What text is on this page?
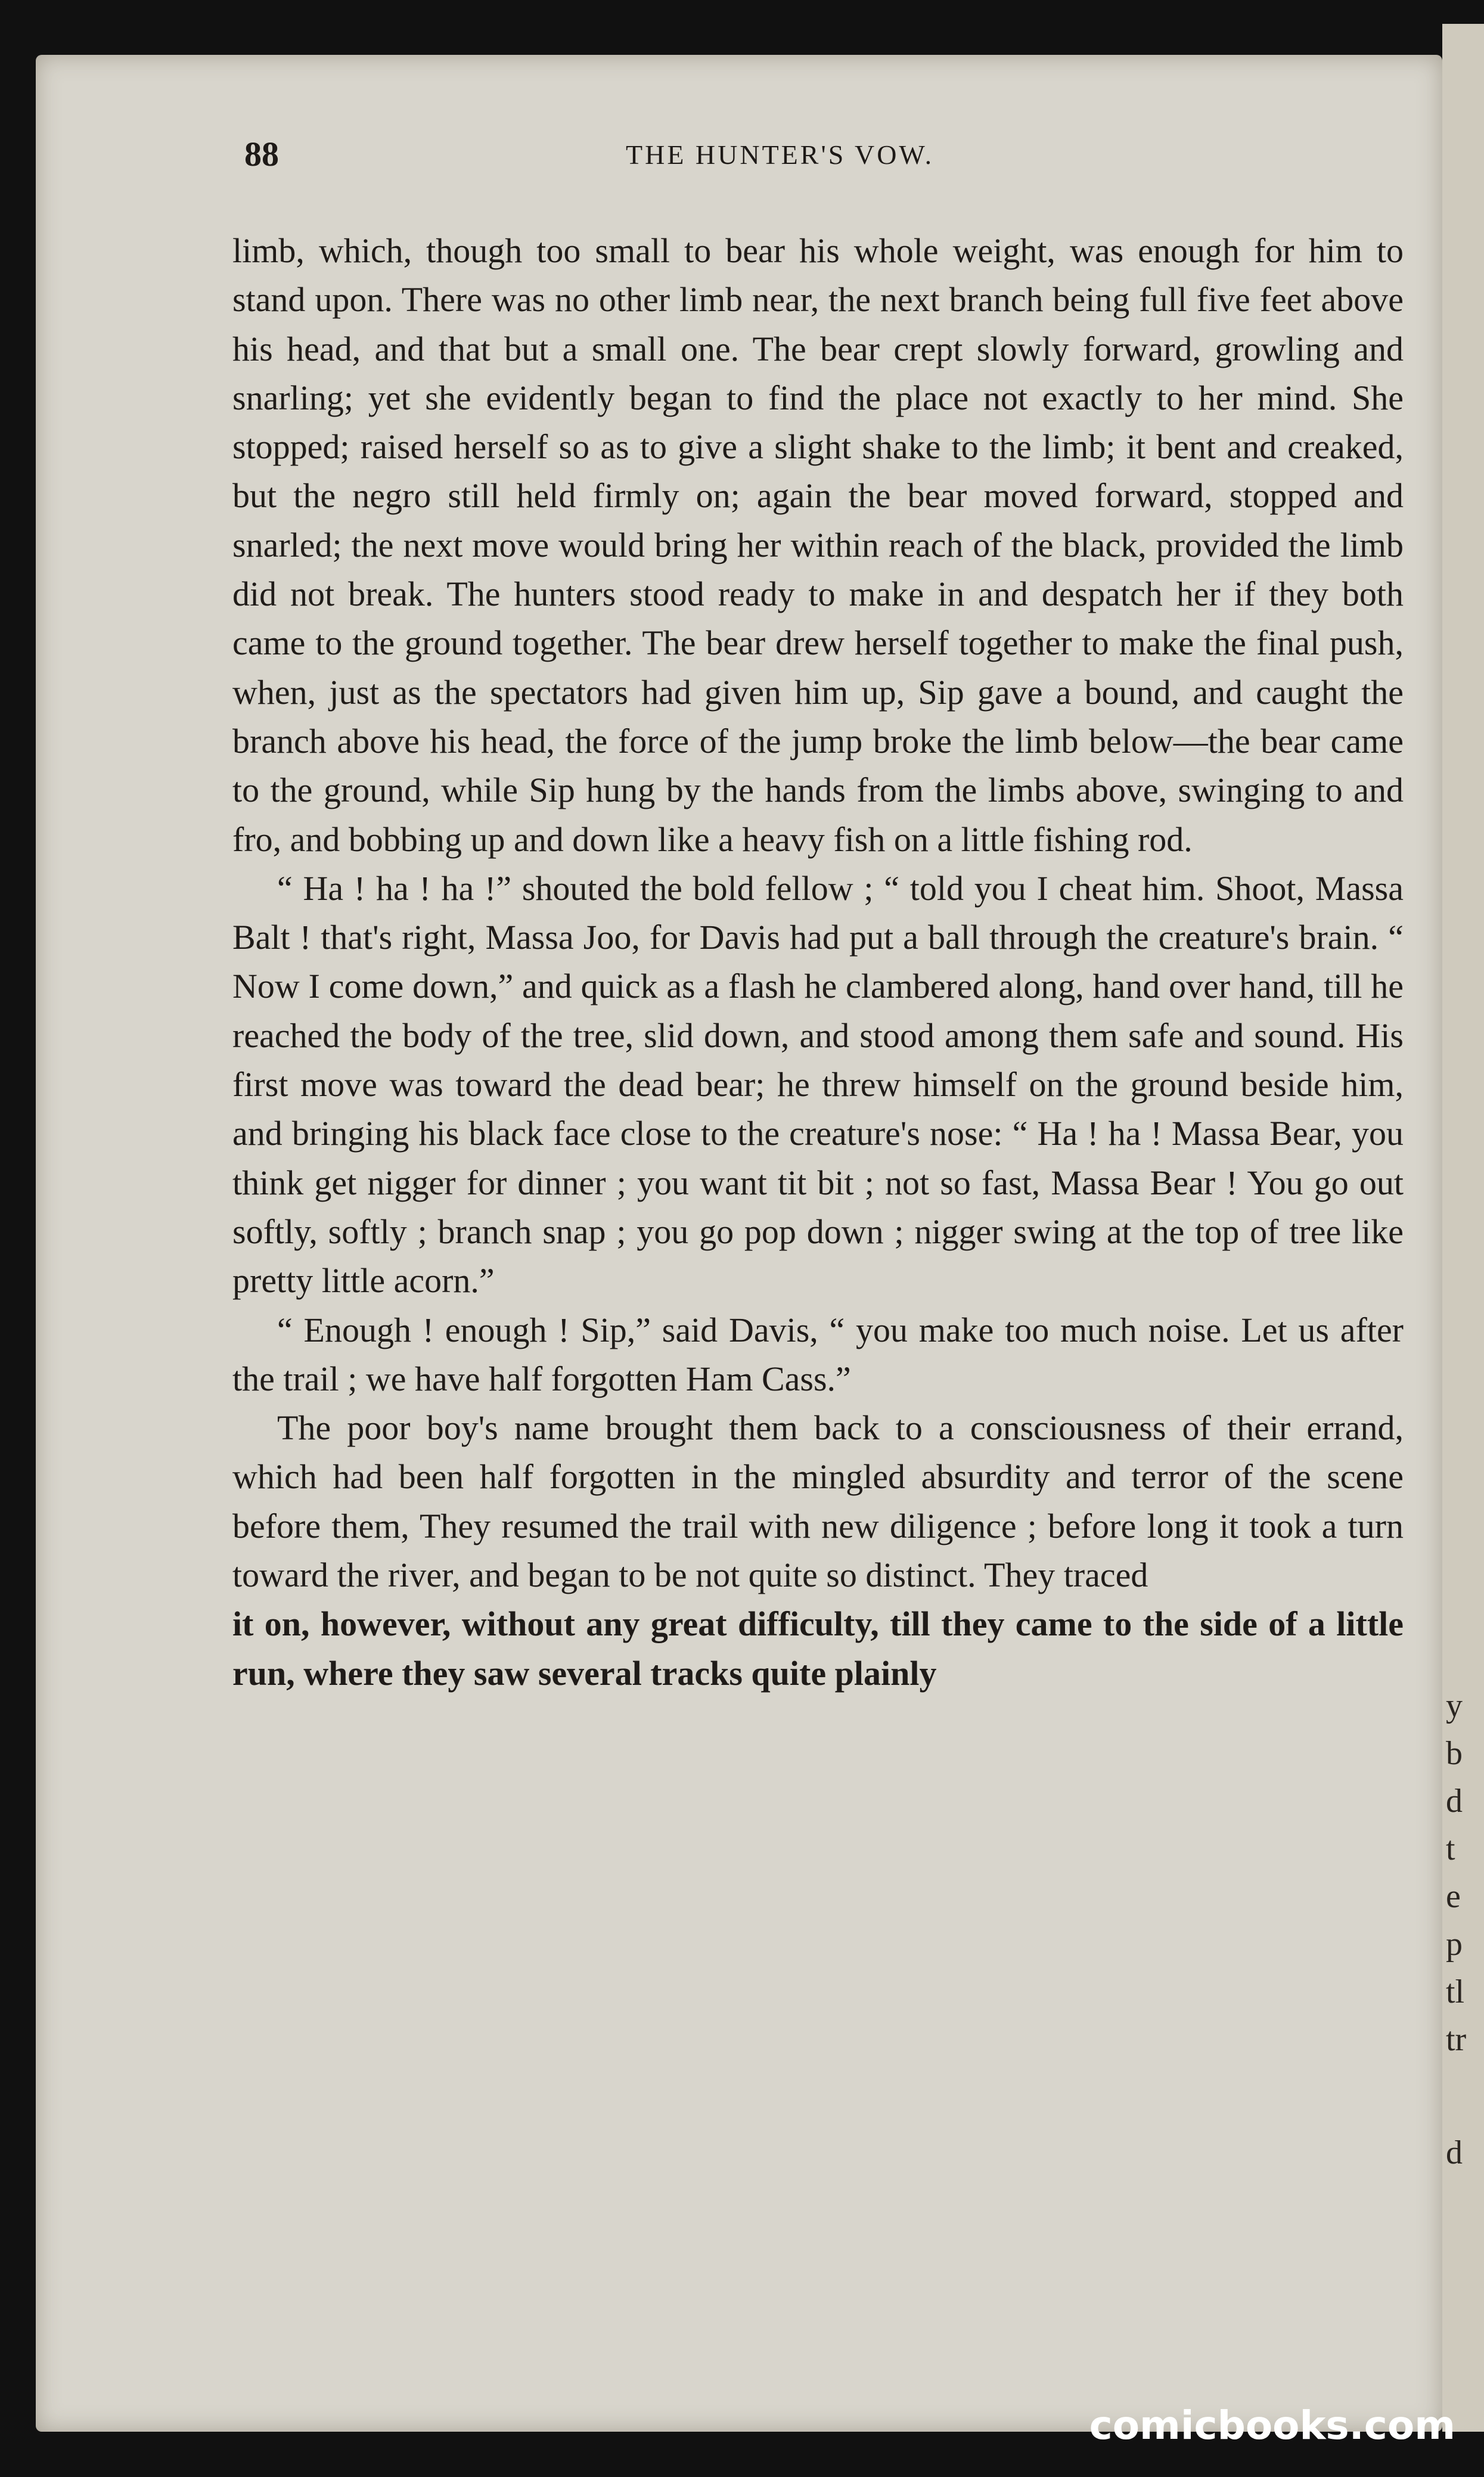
y
b
d
t
e
p
tl
tr
d
88	THE HUNTER'S VOW.

limb, which, though too small to bear his whole weight, was enough for him to stand upon. There was no other limb near, the next branch being full five feet above his head, and that but a small one. The bear crept slowly forward, growling and snarling; yet she evidently began to find the place not exactly to her mind. She stopped; raised herself so as to give a slight shake to the limb; it bent and creaked, but the negro still held firmly on; again the bear moved forward, stopped and snarled; the next move would bring her within reach of the black, provided the limb did not break. The hunters stood ready to make in and despatch her if they both came to the ground together. The bear drew herself together to make the final push, when, just as the spectators had given him up, Sip gave a bound, and caught the branch above his head, the force of the jump broke the limb below—the bear came to the ground, while Sip hung by the hands from the limbs above, swinging to and fro, and bobbing up and down like a heavy fish on a little fishing rod.

“ Ha ! ha ! ha !” shouted the bold fellow ; “ told you I cheat him. Shoot, Massa Balt ! that's right, Massa Joo, for Davis had put a ball through the creature's brain. “ Now I come down,” and quick as a flash he clambered along, hand over hand, till he reached the body of the tree, slid down, and stood among them safe and sound. His first move was toward the dead bear; he threw himself on the ground beside him, and bringing his black face close to the creature's nose: “ Ha ! ha ! Massa Bear, you think get nigger for dinner ; you want tit bit ; not so fast, Massa Bear ! You go out softly, softly ; branch snap ; you go pop down ; nigger swing at the top of tree like pretty little acorn.”

“ Enough ! enough ! Sip,” said Davis, “ you make too much noise. Let us after the trail ; we have half forgotten Ham Cass.”

The poor boy's name brought them back to a consciousness of their errand, which had been half forgotten in the mingled absurdity and terror of the scene before them, They resumed the trail with new diligence ; before long it took a turn toward the river, and began to be not quite so distinct. They traced

it on, however, without any great difficulty, till they came to the side of a little run, where they saw several tracks quite plainly

comicbooks.com
